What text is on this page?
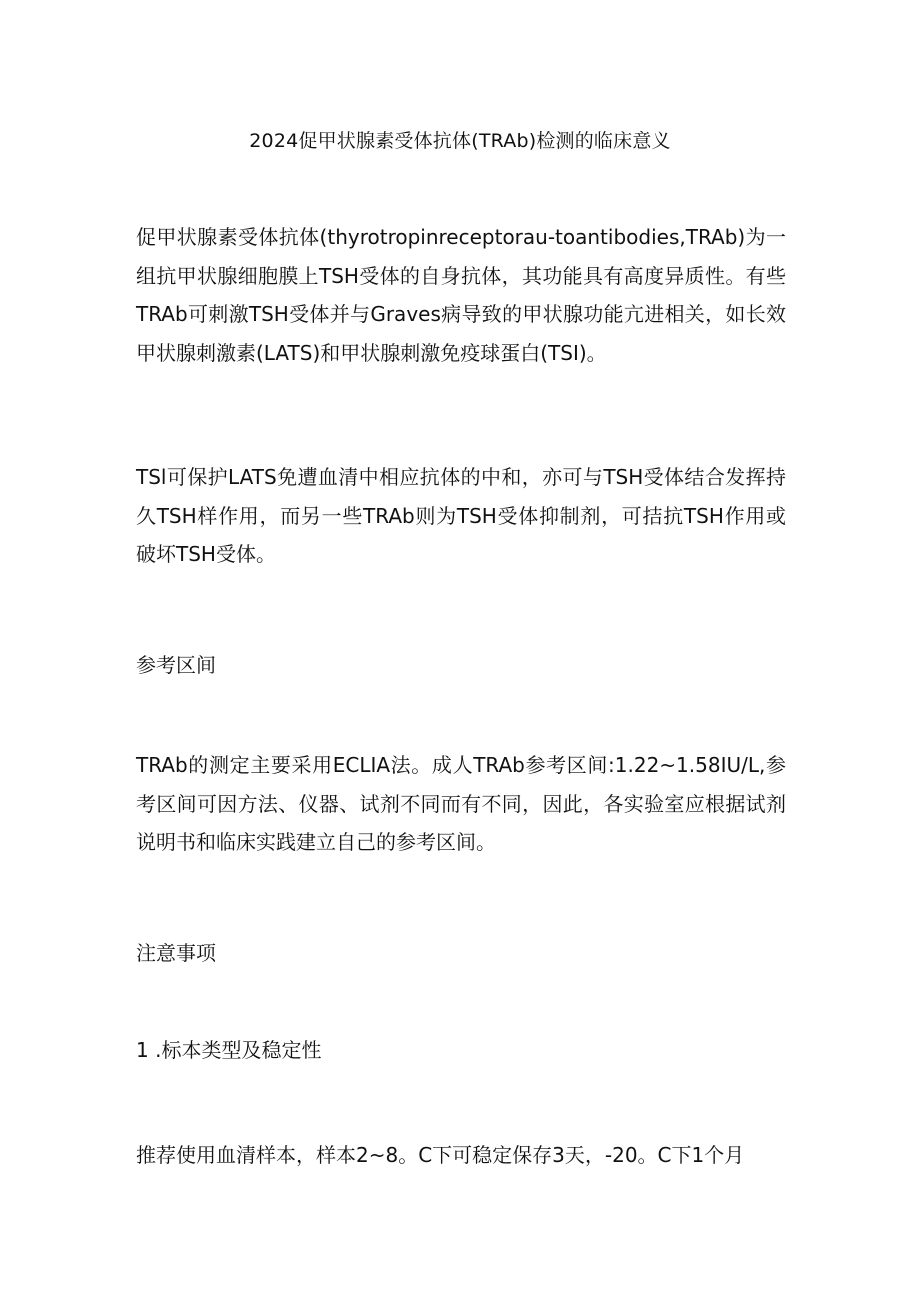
2024促甲状腺素受体抗体(TRAb)检测的临床意义
促甲状腺素受体抗体(thyrotropinreceptorau-toantibodies,TRAb)为一组抗甲状腺细胞膜上TSH受体的自身抗体，其功能具有高度异质性。有些TRAb可刺激TSH受体并与Graves病导致的甲状腺功能亢进相关，如长效甲状腺刺激素(LATS)和甲状腺刺激免疫球蛋白(TSI)。
TSl可保护LATS免遭血清中相应抗体的中和，亦可与TSH受体结合发挥持久TSH样作用，而另一些TRAb则为TSH受体抑制剂，可拮抗TSH作用或破坏TSH受体。
参考区间
TRAb的测定主要采用ECLIA法。成人TRAb参考区间:1.22~1.58IU/L,参考区间可因方法、仪器、试剂不同而有不同，因此，各实验室应根据试剂说明书和临床实践建立自己的参考区间。
注意事项
1 .标本类型及稳定性
推荐使用血清样本，样本2~8。C下可稳定保存3天，-20。C下1个月
